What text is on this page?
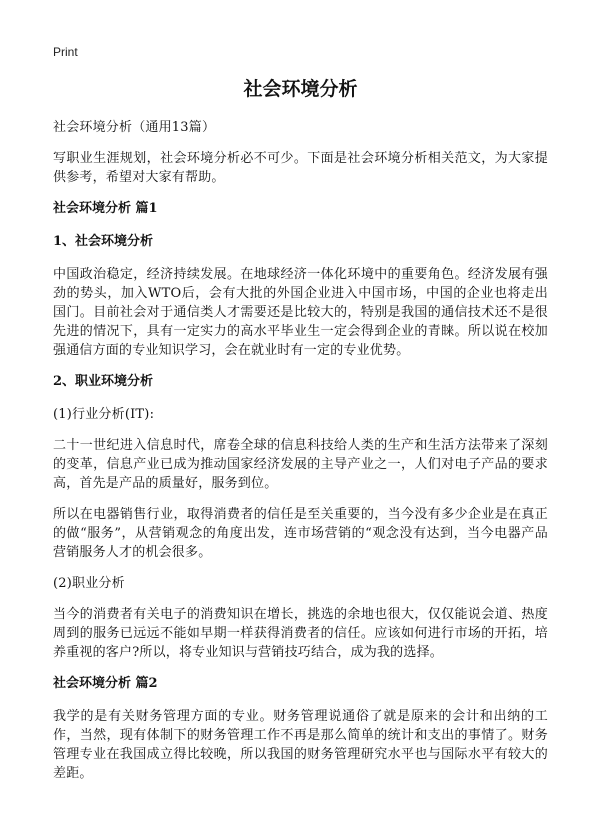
Print
社会环境分析
社会环境分析（通用13篇）
写职业生涯规划，社会环境分析必不可少。下面是社会环境分析相关范文，为大家提供参考，希望对大家有帮助。
社会环境分析 篇1
1、社会环境分析
中国政治稳定，经济持续发展。在地球经济一体化环境中的重要角色。经济发展有强劲的势头，加入WTO后，会有大批的外国企业进入中国市场，中国的企业也将走出国门。目前社会对于通信类人才需要还是比较大的，特别是我国的通信技术还不是很先进的情况下，具有一定实力的高水平毕业生一定会得到企业的青睐。所以说在校加强通信方面的专业知识学习，会在就业时有一定的专业优势。
2、职业环境分析
(1)行业分析(IT):
二十一世纪进入信息时代，席卷全球的信息科技给人类的生产和生活方法带来了深刻的变革，信息产业已成为推动国家经济发展的主导产业之一，人们对电子产品的要求高，首先是产品的质量好，服务到位。
所以在电器销售行业，取得消费者的信任是至关重要的，当今没有多少企业是在真正的做“服务”，从营销观念的角度出发，连市场营销的“观念没有达到，当今电器产品营销服务人才的机会很多。
(2)职业分析
当今的消费者有关电子的消费知识在增长，挑选的余地也很大，仅仅能说会道、热度周到的服务已远远不能如早期一样获得消费者的信任。应该如何进行市场的开拓，培养重视的客户?所以，将专业知识与营销技巧结合，成为我的选择。
社会环境分析 篇2
我学的是有关财务管理方面的专业。财务管理说通俗了就是原来的会计和出纳的工作，当然，现有体制下的财务管理工作不再是那么简单的统计和支出的事情了。财务管理专业在我国成立得比较晚，所以我国的财务管理研究水平也与国际水平有较大的差距。
